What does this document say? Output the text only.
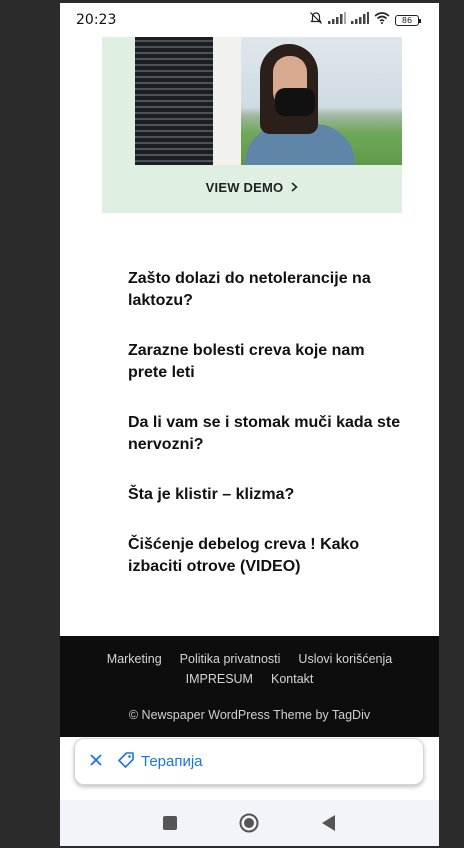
20:23	86
VIEW DEMO
Zašto dolazi do netolerancije na laktozu?
Zarazne bolesti creva koje nam prete leti
Da li vam se i stomak muči kada ste nervozni?
Šta je klistir – klizma?
Čišćenje debelog creva ! Kako izbaciti otrove (VIDEO)
Marketing Politika privatnosti Uslovi korišćenja
IMPRESUM Kontakt
© Newspaper WordPress Theme by TagDiv
Терапија
